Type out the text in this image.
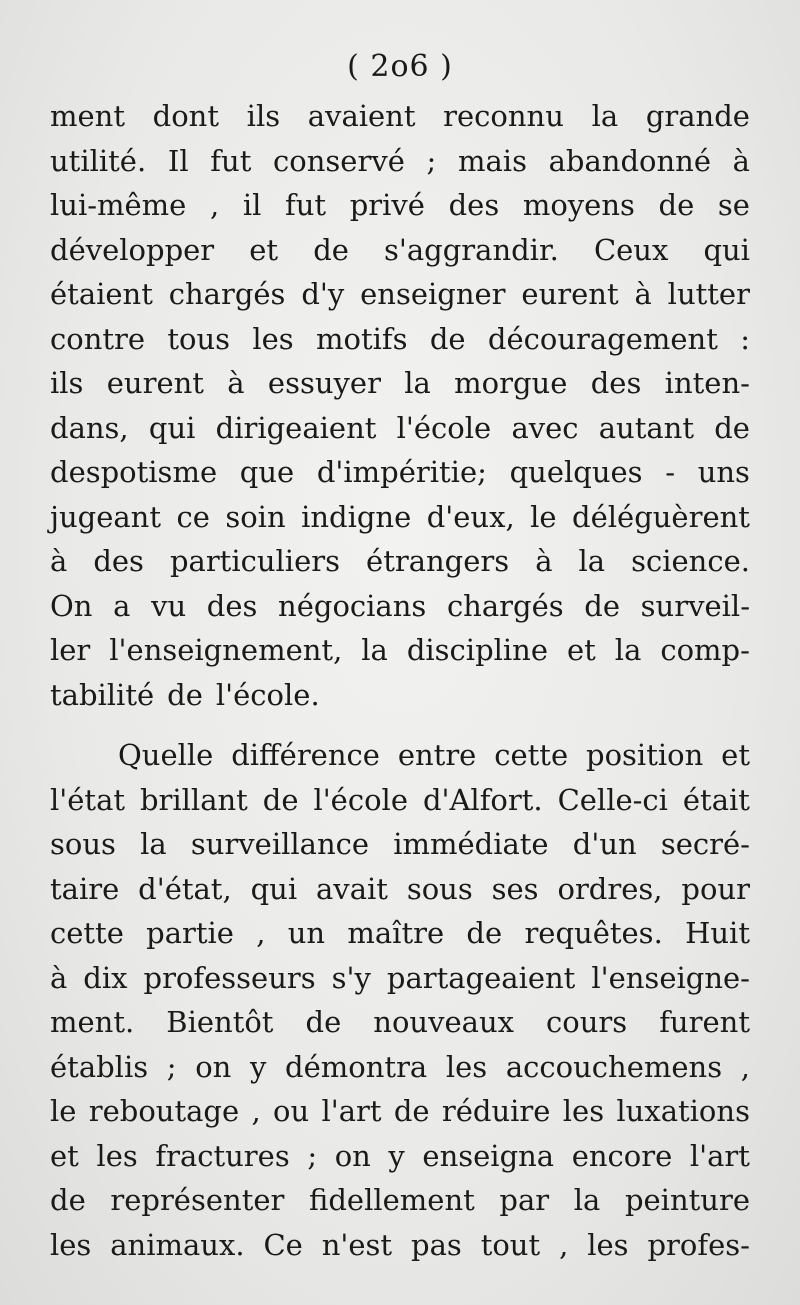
( 2o6 )
ment dont ils avaient reconnu la grande
utilité. Il fut conservé ; mais abandonné à
lui-même , il fut privé des moyens de se
développer et de s'aggrandir. Ceux qui
étaient chargés d'y enseigner eurent à lutter
contre tous les motifs de découragement :
ils eurent à essuyer la morgue des inten-
dans, qui dirigeaient l'école avec autant de
despotisme que d'impéritie; quelques - uns
jugeant ce soin indigne d'eux, le déléguèrent
à des particuliers étrangers à la science.
On a vu des négocians chargés de surveil-
ler l'enseignement, la discipline et la comp-
tabilité de l'école.
Quelle différence entre cette position et
l'état brillant de l'école d'Alfort. Celle-ci était
sous la surveillance immédiate d'un secré-
taire d'état, qui avait sous ses ordres, pour
cette partie , un maître de requêtes. Huit
à dix professeurs s'y partageaient l'enseigne-
ment. Bientôt de nouveaux cours furent
établis ; on y démontra les accouchemens ,
le reboutage , ou l'art de réduire les luxations
et les fractures ; on y enseigna encore l'art
de représenter fidellement par la peinture
les animaux. Ce n'est pas tout , les profes-
